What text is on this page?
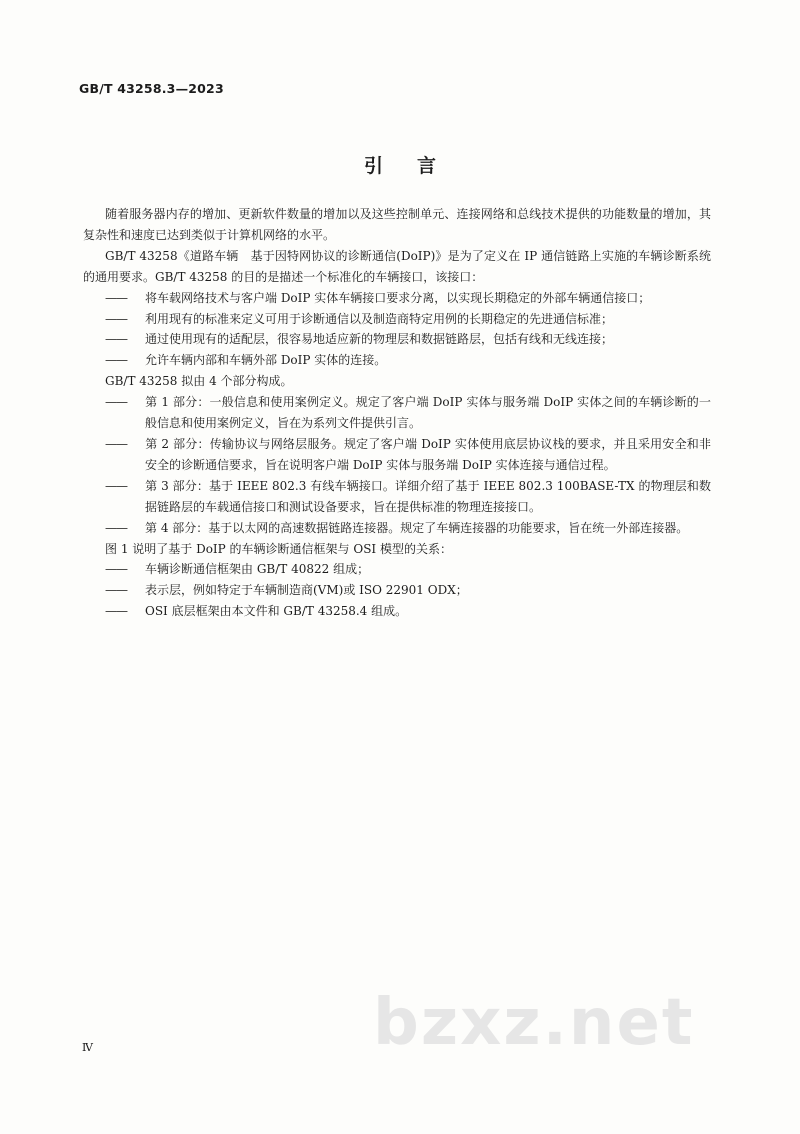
GB/T 43258.3—2023
引言

随着服务器内存的增加、更新软件数量的增加以及这些控制单元、连接网络和总线技术提供的功能数量的增加，其复杂性和速度已达到类似于计算机网络的水平。

GB/T 43258《道路车辆　基于因特网协议的诊断通信(DoIP)》是为了定义在 IP 通信链路上实施的车辆诊断系统的通用要求。GB/T 43258 的目的是描述一个标准化的车辆接口，该接口：

—— 将车载网络技术与客户端 DoIP 实体车辆接口要求分离，以实现长期稳定的外部车辆通信接口；

—— 利用现有的标准来定义可用于诊断通信以及制造商特定用例的长期稳定的先进通信标准；

—— 通过使用现有的适配层，很容易地适应新的物理层和数据链路层，包括有线和无线连接；

—— 允许车辆内部和车辆外部 DoIP 实体的连接。

GB/T 43258 拟由 4 个部分构成。

—— 第 1 部分：一般信息和使用案例定义。规定了客户端 DoIP 实体与服务端 DoIP 实体之间的车辆诊断的一般信息和使用案例定义，旨在为系列文件提供引言。

—— 第 2 部分：传输协议与网络层服务。规定了客户端 DoIP 实体使用底层协议栈的要求，并且采用安全和非安全的诊断通信要求，旨在说明客户端 DoIP 实体与服务端 DoIP 实体连接与通信过程。

—— 第 3 部分：基于 IEEE 802.3 有线车辆接口。详细介绍了基于 IEEE 802.3 100BASE-TX 的物理层和数据链路层的车载通信接口和测试设备要求，旨在提供标准的物理连接接口。

—— 第 4 部分：基于以太网的高速数据链路连接器。规定了车辆连接器的功能要求，旨在统一外部连接器。

图 1 说明了基于 DoIP 的车辆诊断通信框架与 OSI 模型的关系：

—— 车辆诊断通信框架由 GB/T 40822 组成；

—— 表示层，例如特定于车辆制造商(VM)或 ISO 22901 ODX；

—— OSI 底层框架由本文件和 GB/T 43258.4 组成。

Ⅳ	bzxz.net
